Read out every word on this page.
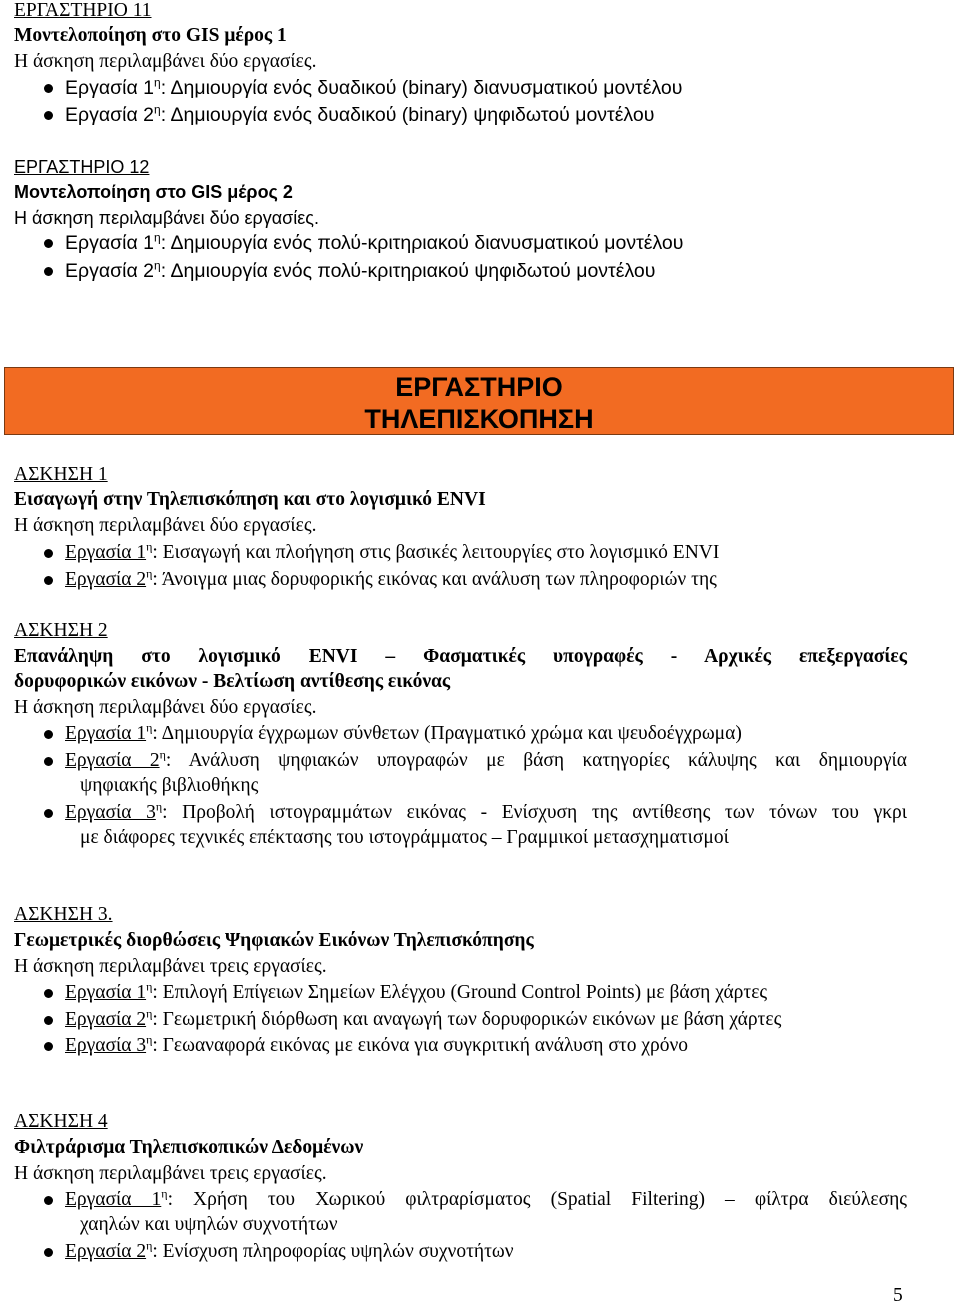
ΕΡΓΑΣΤΗΡΙΟ 11
Μοντελοποίηση στο GIS μέρος 1
Η άσκηση περιλαμβάνει δύο εργασίες.
Εργασία $1^\eta$: Δημιουργία ενός δυαδικού (binary) διανυσματικού μοντέλου
Εργασία $2^\eta$: Δημιουργία ενός δυαδικού (binary) ψηφιδωτού μοντέλου
ΕΡΓΑΣΤΗΡΙΟ 12
Μοντελοποίηση στο GIS μέρος 2
Η άσκηση περιλαμβάνει δύο εργασίες.
Εργασία $1^\eta$: Δημιουργία ενός πολύ-κριτηριακού διανυσματικού μοντέλου
Εργασία $2^\eta$: Δημιουργία ενός πολύ-κριτηριακού ψηφιδωτού μοντέλου
ΕΡΓΑΣΤΗΡΙΟ
ΤΗΛΕΠΙΣΚΟΠΗΣΗ
ΑΣΚΗΣΗ 1
Εισαγωγή στην Τηλεπισκόπηση και στο λογισμικό ENVI
Η άσκηση περιλαμβάνει δύο εργασίες.
Εργασία $1^\eta$: Εισαγωγή και πλοήγηση στις βασικές λειτουργίες στο λογισμικό ENVI
Εργασία $2^\eta$: Άνοιγμα μιας δορυφορικής εικόνας και ανάλυση των πληροφοριών της
ΑΣΚΗΣΗ 2
Επανάληψη στο λογισμικό ENVI – Φασματικές υπογραφές - Αρχικές επεξεργασίες
δορυφορικών εικόνων - Βελτίωση αντίθεσης εικόνας
Η άσκηση περιλαμβάνει δύο εργασίες.
Εργασία $1^\eta$: Δημιουργία έγχρωμων σύνθετων (Πραγματικό χρώμα και ψευδοέγχρωμα)
Εργασία $2^\eta$: Ανάλυση ψηφιακών υπογραφών με βάση κατηγορίες κάλυψης και δημιουργία
ψηφιακής βιβλιοθήκης
Εργασία $3^\eta$: Προβολή ιστογραμμάτων εικόνας - Ενίσχυση της αντίθεσης των τόνων του γκρι
με διάφορες τεχνικές επέκτασης του ιστογράμματος – Γραμμικοί μετασχηματισμοί
ΑΣΚΗΣΗ 3.
Γεωμετρικές διορθώσεις Ψηφιακών Εικόνων Τηλεπισκόπησης
Η άσκηση περιλαμβάνει τρεις εργασίες.
Εργασία $1^\eta$: Επιλογή Επίγειων Σημείων Ελέγχου (Ground Control Points) με βάση χάρτες
Εργασία $2^\eta$: Γεωμετρική διόρθωση και αναγωγή των δορυφορικών εικόνων με βάση χάρτες
Εργασία $3^\eta$: Γεωαναφορά εικόνας με εικόνα για συγκριτική ανάλυση στο χρόνο
ΑΣΚΗΣΗ 4
Φιλτράρισμα Τηλεπισκοπικών Δεδομένων
Η άσκηση περιλαμβάνει τρεις εργασίες.
Εργασία $1^\eta$: Χρήση του Χωρικού φιλτραρίσματος (Spatial Filtering) – φίλτρα διεύλεσης
χαηλών και υψηλών συχνοτήτων
Εργασία $2^\eta$: Ενίσχυση πληροφορίας υψηλών συχνοτήτων
5
